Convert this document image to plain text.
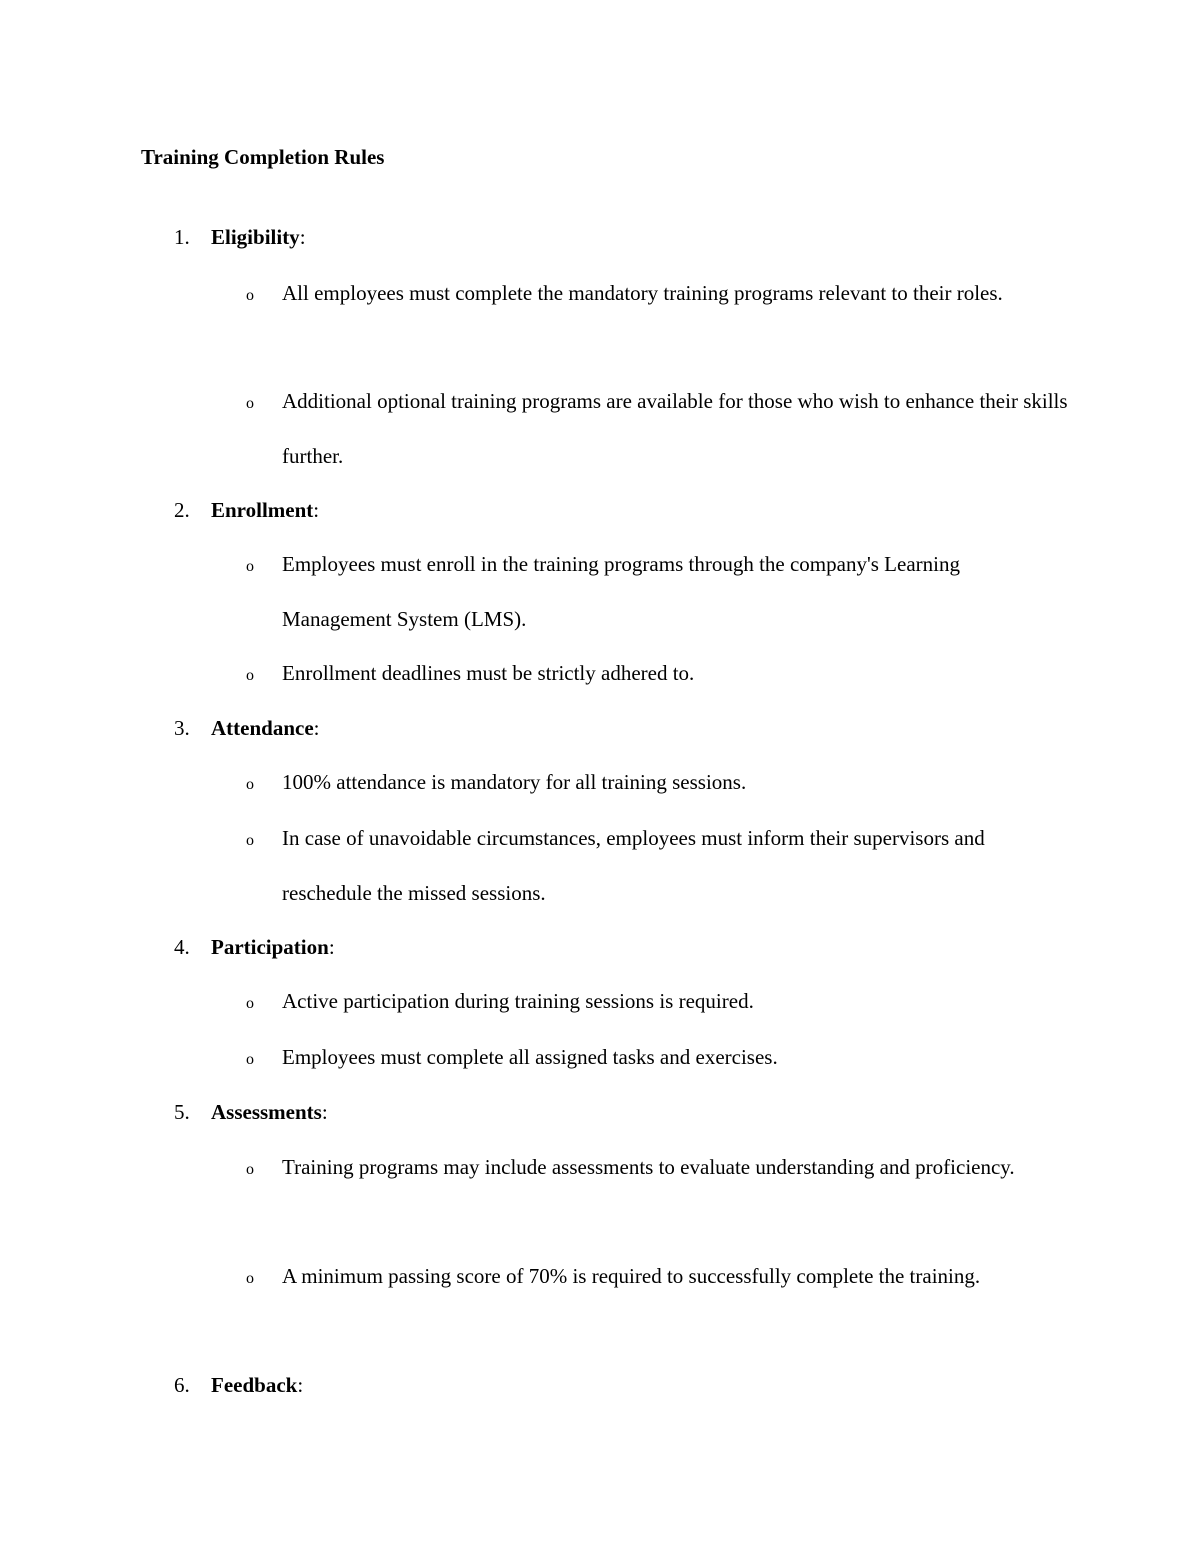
Training Completion Rules
1. Eligibility:
o All employees must complete the mandatory training programs relevant to their roles.
o Additional optional training programs are available for those who wish to enhance their skills further.
2. Enrollment:
o Employees must enroll in the training programs through the company's Learning Management System (LMS).
o Enrollment deadlines must be strictly adhered to.
3. Attendance:
o 100% attendance is mandatory for all training sessions.
o In case of unavoidable circumstances, employees must inform their supervisors and reschedule the missed sessions.
4. Participation:
o Active participation during training sessions is required.
o Employees must complete all assigned tasks and exercises.
5. Assessments:
o Training programs may include assessments to evaluate understanding and proficiency.
o A minimum passing score of 70% is required to successfully complete the training.
6. Feedback:
